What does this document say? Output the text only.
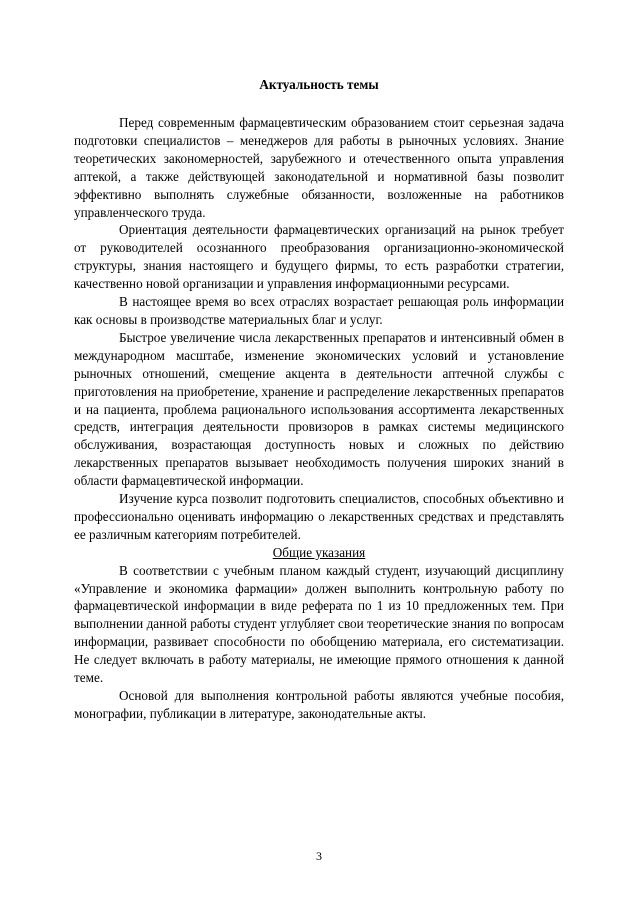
Актуальность темы

Перед современным фармацевтическим образованием стоит серьезная задача подготовки специалистов – менеджеров для работы в рыночных условиях. Знание теоретических закономерностей, зарубежного и отечественного опыта управления аптекой, а также действующей законодательной и нормативной базы позволит эффективно выполнять служебные обязанности, возложенные на работников управленческого труда.

Ориентация деятельности фармацевтических организаций на рынок требует от руководителей осознанного преобразования организационно-экономической структуры, знания настоящего и будущего фирмы, то есть разработки стратегии, качественно новой организации и управления информационными ресурсами.

В настоящее время во всех отраслях возрастает решающая роль информации как основы в производстве материальных благ и услуг.

Быстрое увеличение числа лекарственных препаратов и интенсивный обмен в международном масштабе, изменение экономических условий и установление рыночных отношений, смещение акцента в деятельности аптечной службы с приготовления на приобретение, хранение и распределение лекарственных препаратов и на пациента, проблема рационального использования ассортимента лекарственных средств, интеграция деятельности провизоров в рамках системы медицинского обслуживания, возрастающая доступность новых и сложных по действию лекарственных препаратов вызывает необходимость получения широких знаний в области фармацевтической информации.

Изучение курса позволит подготовить специалистов, способных объективно и профессионально оценивать информацию о лекарственных средствах и представлять ее различным категориям потребителей.

Общие указания

В соответствии с учебным планом каждый студент, изучающий дисциплину «Управление и экономика фармации» должен выполнить контрольную работу по фармацевтической информации в виде реферата по 1 из 10 предложенных тем. При выполнении данной работы студент углубляет свои теоретические знания по вопросам информации, развивает способности по обобщению материала, его систематизации. Не следует включать в работу материалы, не имеющие прямого отношения к данной теме.

Основой для выполнения контрольной работы являются учебные пособия, монографии, публикации в литературе, законодательные акты.

3
